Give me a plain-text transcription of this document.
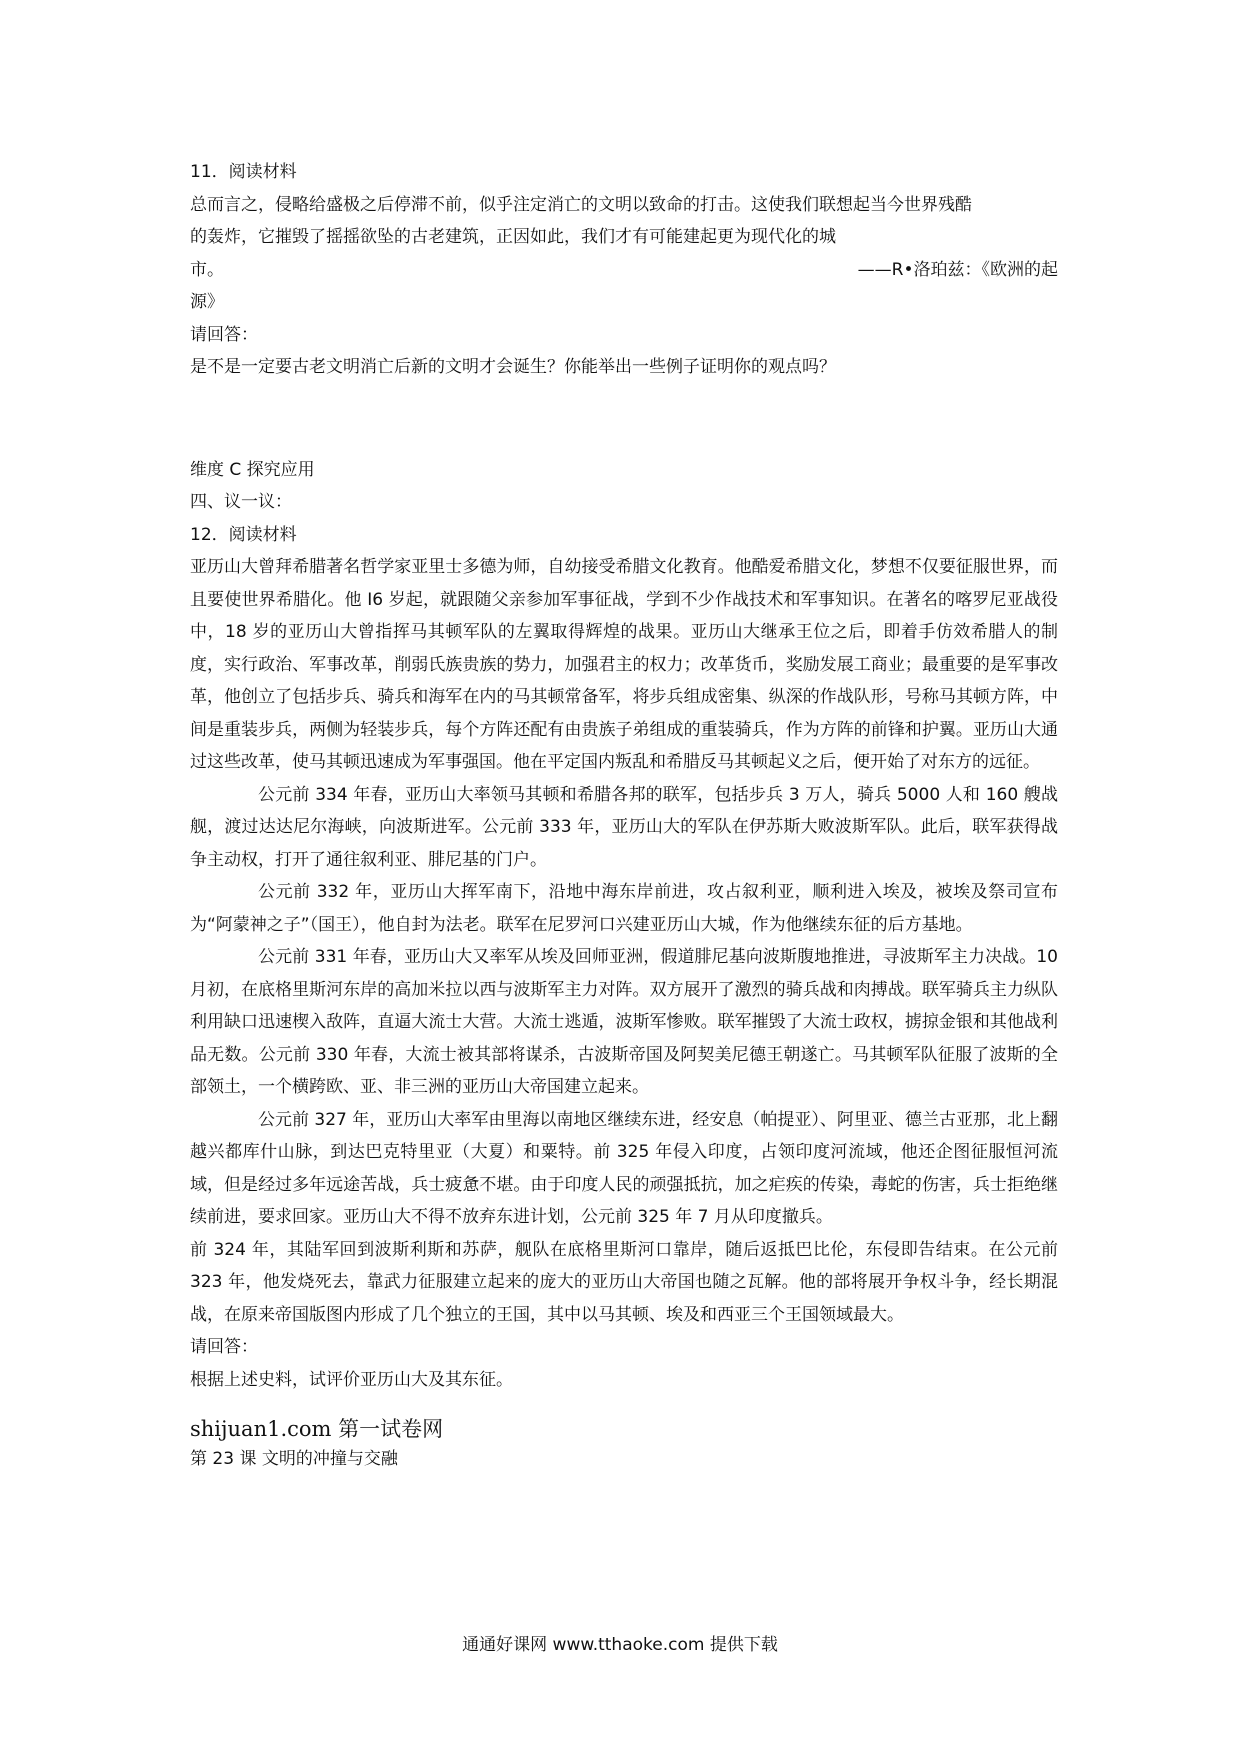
11．阅读材料

总而言之，侵略给盛极之后停滞不前，似乎注定消亡的文明以致命的打击。这使我们联想起当今世界残酷

的轰炸，它摧毁了摇摇欲坠的古老建筑，正因如此，我们才有可能建起更为现代化的城

市。	——R•洛珀兹：《欧洲的起

源》

请回答：

是不是一定要古老文明消亡后新的文明才会诞生？你能举出一些例子证明你的观点吗？

维度 C 探究应用

四、议一议：

12．阅读材料

亚历山大曾拜希腊著名哲学家亚里士多德为师，自幼接受希腊文化教育。他酷爱希腊文化，梦想不仅要征服世界，而且要使世界希腊化。他 I6 岁起，就跟随父亲参加军事征战，学到不少作战技术和军事知识。在著名的喀罗尼亚战役中，18 岁的亚历山大曾指挥马其顿军队的左翼取得辉煌的战果。亚历山大继承王位之后，即着手仿效希腊人的制度，实行政治、军事改革，削弱氏族贵族的势力，加强君主的权力；改革货币，奖励发展工商业；最重要的是军事改革，他创立了包括步兵、骑兵和海军在内的马其顿常备军，将步兵组成密集、纵深的作战队形，号称马其顿方阵，中间是重装步兵，两侧为轻装步兵，每个方阵还配有由贵族子弟组成的重装骑兵，作为方阵的前锋和护翼。亚历山大通过这些改革，使马其顿迅速成为军事强国。他在平定国内叛乱和希腊反马其顿起义之后，便开始了对东方的远征。

公元前 334 年春，亚历山大率领马其顿和希腊各邦的联军，包括步兵 3 万人，骑兵 5000 人和 160 艘战舰，渡过达达尼尔海峡，向波斯进军。公元前 333 年，亚历山大的军队在伊苏斯大败波斯军队。此后，联军获得战争主动权，打开了通往叙利亚、腓尼基的门户。

公元前 332 年，亚历山大挥军南下，沿地中海东岸前进，攻占叙利亚，顺利进入埃及，被埃及祭司宣布为“阿蒙神之子”（国王），他自封为法老。联军在尼罗河口兴建亚历山大城，作为他继续东征的后方基地。

公元前 331 年春，亚历山大又率军从埃及回师亚洲，假道腓尼基向波斯腹地推进，寻波斯军主力决战。10 月初，在底格里斯河东岸的高加米拉以西与波斯军主力对阵。双方展开了激烈的骑兵战和肉搏战。联军骑兵主力纵队利用缺口迅速楔入敌阵，直逼大流士大营。大流士逃遁，波斯军惨败。联军摧毁了大流士政权，掳掠金银和其他战利品无数。公元前 330 年春，大流士被其部将谋杀，古波斯帝国及阿契美尼德王朝遂亡。马其顿军队征服了波斯的全部领土，一个横跨欧、亚、非三洲的亚历山大帝国建立起来。

公元前 327 年，亚历山大率军由里海以南地区继续东进，经安息（帕提亚）、阿里亚、德兰古亚那，北上翻越兴都库什山脉，到达巴克特里亚（大夏）和粟特。前 325 年侵入印度，占领印度河流域，他还企图征服恒河流域，但是经过多年远途苦战，兵士疲惫不堪。由于印度人民的顽强抵抗，加之疟疾的传染，毒蛇的伤害，兵士拒绝继续前进，要求回家。亚历山大不得不放弃东进计划，公元前 325 年 7 月从印度撤兵。

前 324 年，其陆军回到波斯利斯和苏萨，舰队在底格里斯河口靠岸，随后返抵巴比伦，东侵即告结束。在公元前 323 年，他发烧死去，靠武力征服建立起来的庞大的亚历山大帝国也随之瓦解。他的部将展开争权斗争，经长期混战，在原来帝国版图内形成了几个独立的王国，其中以马其顿、埃及和西亚三个王国领域最大。

请回答：

根据上述史料，试评价亚历山大及其东征。

shijuan1.com 第一试卷网

第 23 课 文明的冲撞与交融

通通好课网 www.tthaoke.com 提供下载
